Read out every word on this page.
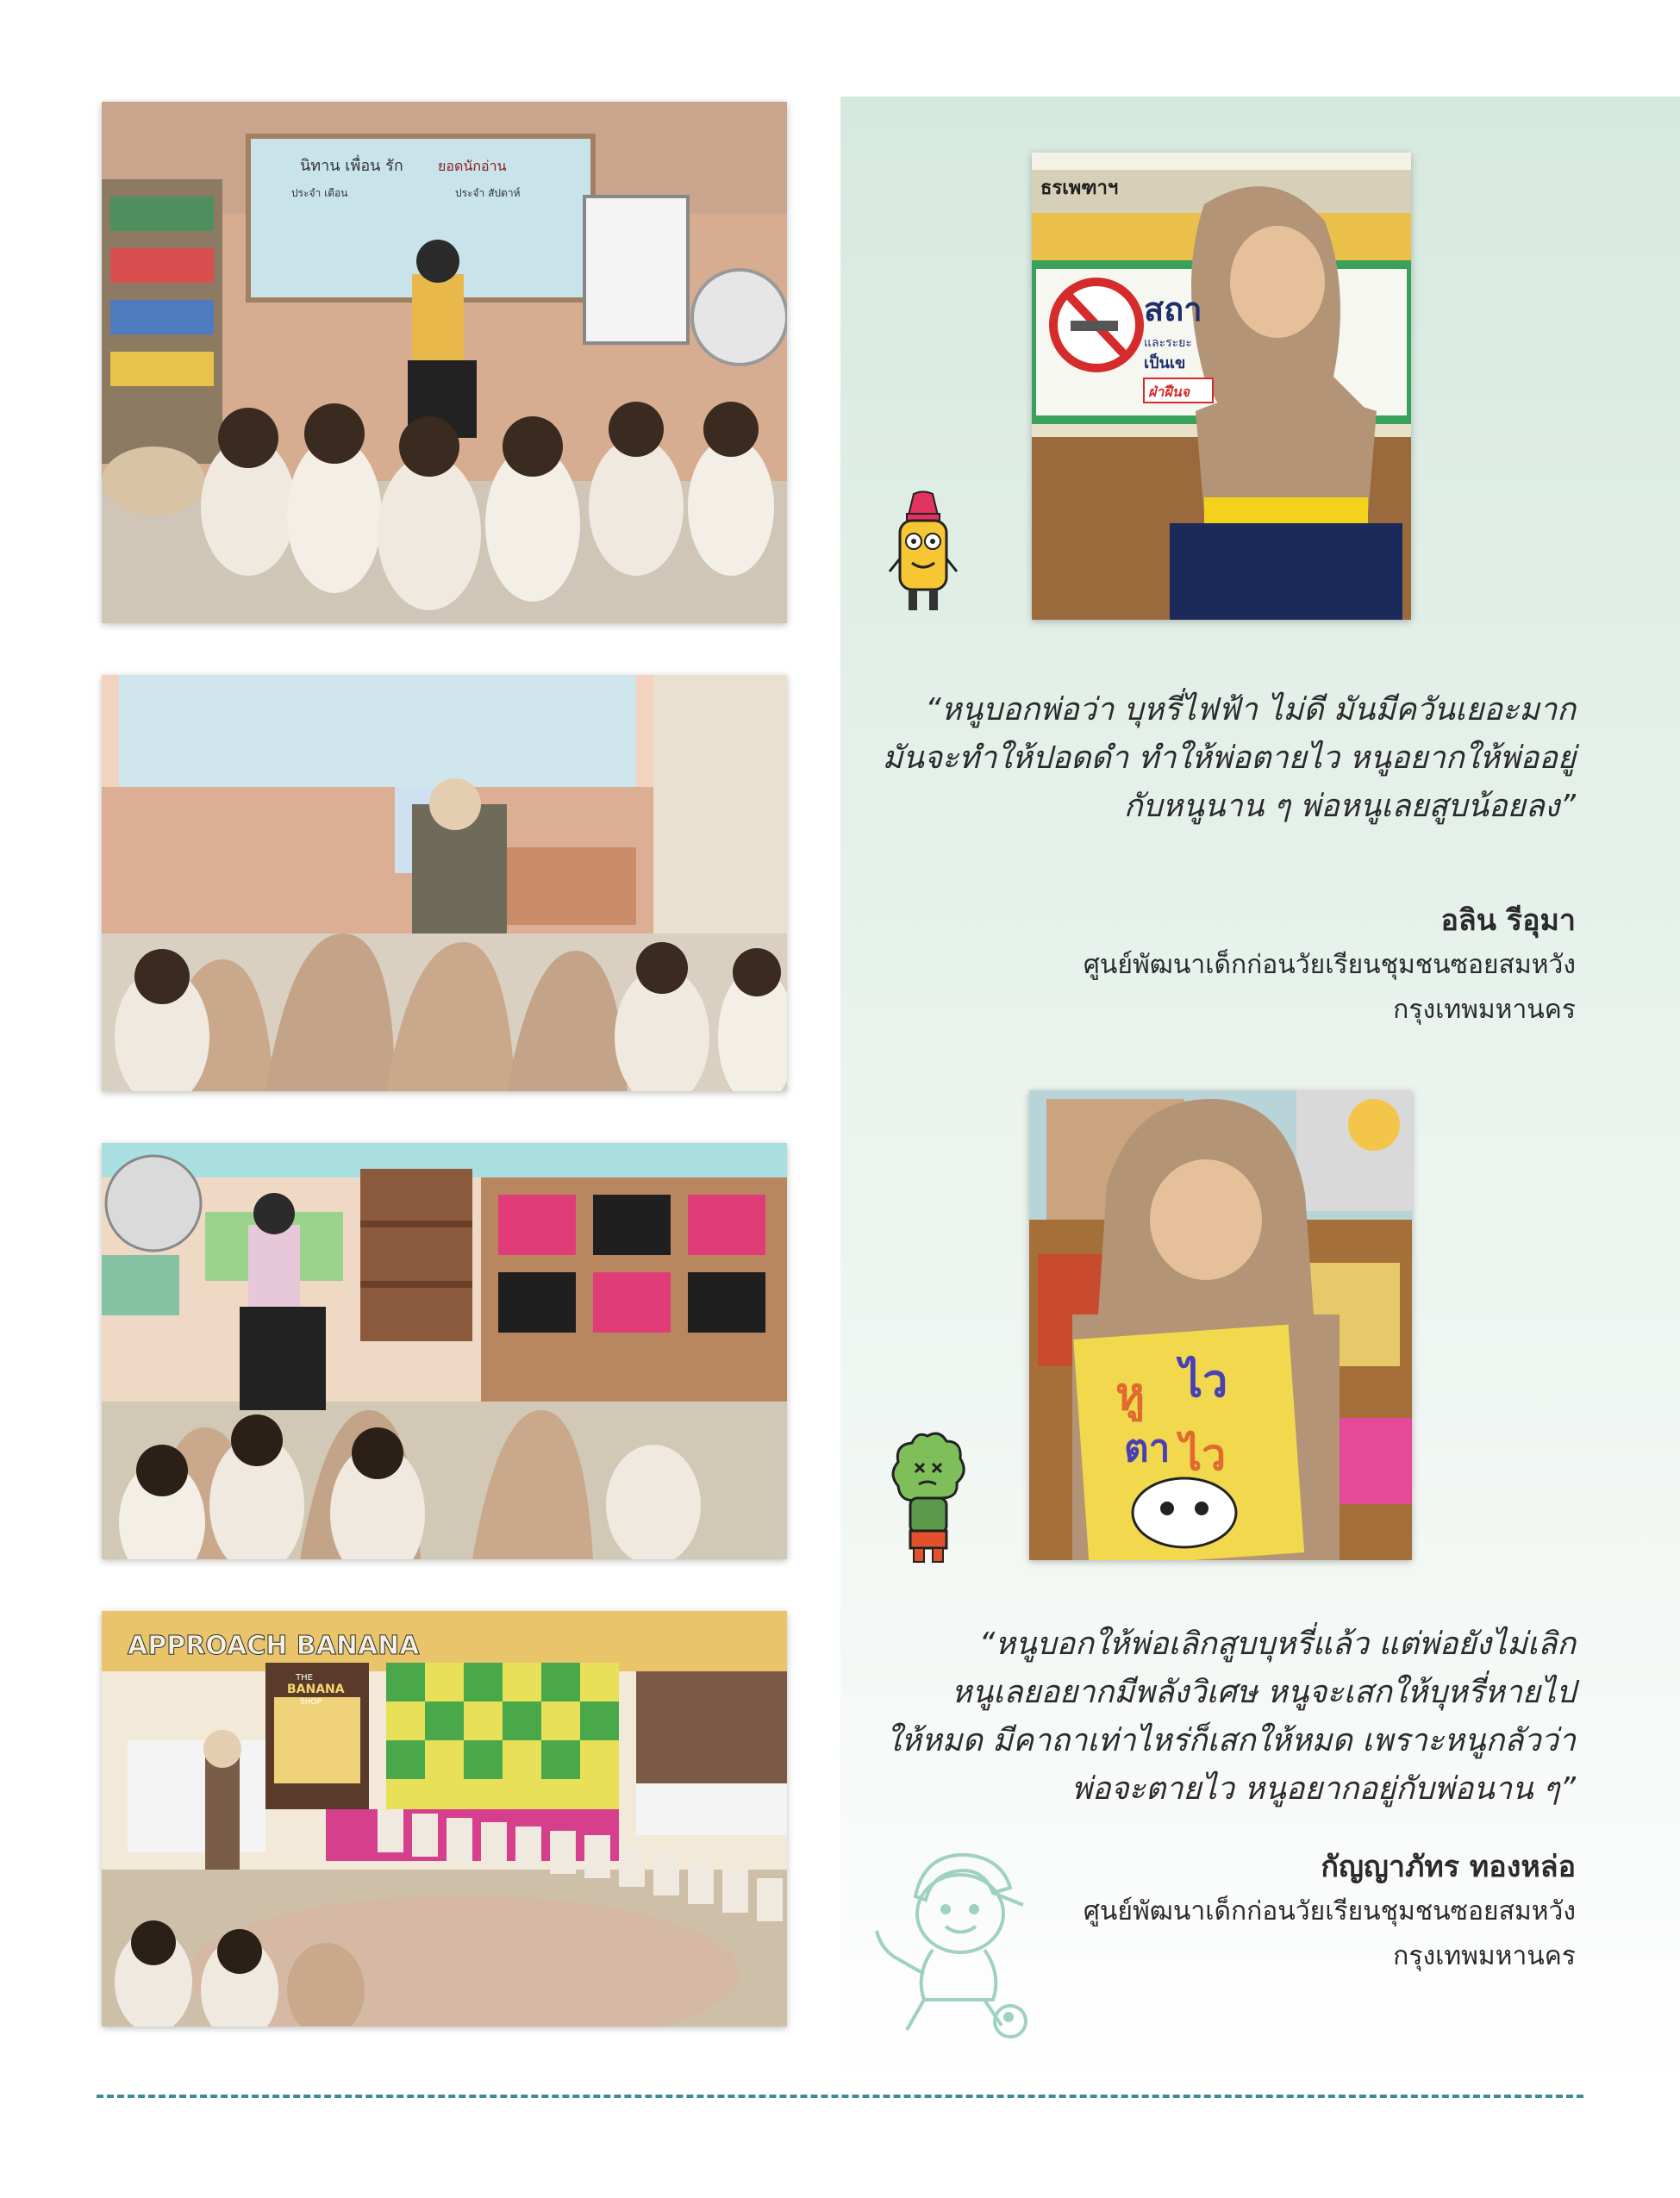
นิทาน เพื่อน รัก
ประจำ เดือน
ยอดนักอ่าน
ประจำ สัปดาห์
APPROACH BANANA
THE
BANANA
SHOP
ธรเพฑาฯ
สถา
และระยะ
เป็นเข
ฝ่าฝืนจ
หู ไว
ตา ไว
“หนูบอกพ่อว่า บุหรี่ไฟฟ้า ไม่ดี มันมีควันเยอะมาก
มันจะทำให้ปอดดำ ทำให้พ่อตายไว หนูอยากให้พ่ออยู่
กับหนูนาน ๆ พ่อหนูเลยสูบน้อยลง”
อลิน รีอุมา
ศูนย์พัฒนาเด็กก่อนวัยเรียนชุมชนซอยสมหวัง
กรุงเทพมหานคร
“หนูบอกให้พ่อเลิกสูบบุหรี่แล้ว แต่พ่อยังไม่เลิก
หนูเลยอยากมีพลังวิเศษ หนูจะเสกให้บุหรี่หายไป
ให้หมด มีคาถาเท่าไหร่ก็เสกให้หมด เพราะหนูกลัวว่า
พ่อจะตายไว หนูอยากอยู่กับพ่อนาน ๆ”
กัญญาภัทร ทองหล่อ
ศูนย์พัฒนาเด็กก่อนวัยเรียนชุมชนซอยสมหวัง
กรุงเทพมหานคร
